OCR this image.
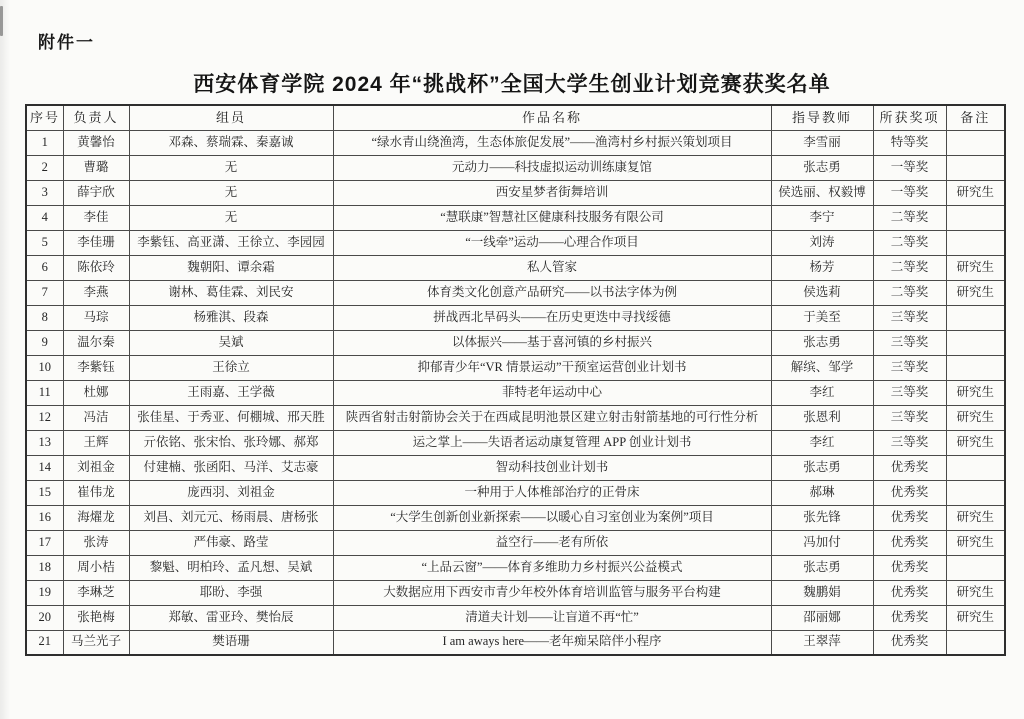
附件一
西安体育学院 2024 年“挑战杯”全国大学生创业计划竞赛获奖名单
序号	负责人	组员	作品名称	指导教师	所获奖项	备注
1	黄馨怡	邓森、蔡瑞霖、秦嘉诚	“绿水青山绕渔湾，生态体旅促发展”——渔湾村乡村振兴策划项目	李雪丽	特等奖	
2	曹璐	无	元动力——科技虚拟运动训练康复馆	张志勇	一等奖	
3	薛宇欣	无	西安星梦者街舞培训	侯选丽、权毅博	一等奖	研究生
4	李佳	无	“慧联康”智慧社区健康科技服务有限公司	李宁	二等奖	
5	李佳珊	李紫钰、高亚潇、王徐立、李园园	“一线牵”运动——心理合作项目	刘涛	二等奖	
6	陈依玲	魏朝阳、谭余霜	私人管家	杨芳	二等奖	研究生
7	李燕	谢林、葛佳霖、刘民安	体育类文化创意产品研究——以书法字体为例	侯选莉	二等奖	研究生
8	马琮	杨雅淇、段森	拼战西北旱码头——在历史更迭中寻找绥德	于美至	三等奖	
9	温尔秦	吴斌	以体振兴——基于喜河镇的乡村振兴	张志勇	三等奖	
10	李紫钰	王徐立	抑郁青少年“VR 情景运动”干预室运营创业计划书	解缤、邹学	三等奖	
11	杜娜	王雨嘉、王学薇	菲特老年运动中心	李红	三等奖	研究生
12	冯洁	张佳星、于秀亚、何棚城、邢天胜	陕西省射击射箭协会关于在西咸昆明池景区建立射击射箭基地的可行性分析	张恩利	三等奖	研究生
13	王辉	亓依铭、张宋怡、张玲娜、郝郑	运之掌上——失语者运动康复管理 APP 创业计划书	李红	三等奖	研究生
14	刘祖金	付建楠、张函阳、马洋、艾志豪	智动科技创业计划书	张志勇	优秀奖	
15	崔伟龙	庞西羽、刘祖金	一种用于人体椎部治疗的正骨床	郝琳	优秀奖	
16	海燿龙	刘昌、刘元元、杨雨晨、唐杨张	“大学生创新创业新探索——以暖心自习室创业为案例”项目	张先锋	优秀奖	研究生
17	张涛	严伟豪、路莹	益空行——老有所依	冯加付	优秀奖	研究生
18	周小桔	黎魁、明柏玲、孟凡想、吴斌	“上品云窗”——体育多维助力乡村振兴公益模式	张志勇	优秀奖	
19	李琳芝	耶盼、李强	大数据应用下西安市青少年校外体育培训监管与服务平台构建	魏鹏娟	优秀奖	研究生
20	张艳梅	郑敏、雷亚玲、樊怡辰	清道夫计划——让盲道不再“忙”	邵丽娜	优秀奖	研究生
21	马兰光子	樊语珊	I am aways here——老年痴呆陪伴小程序	王翠萍	优秀奖	
